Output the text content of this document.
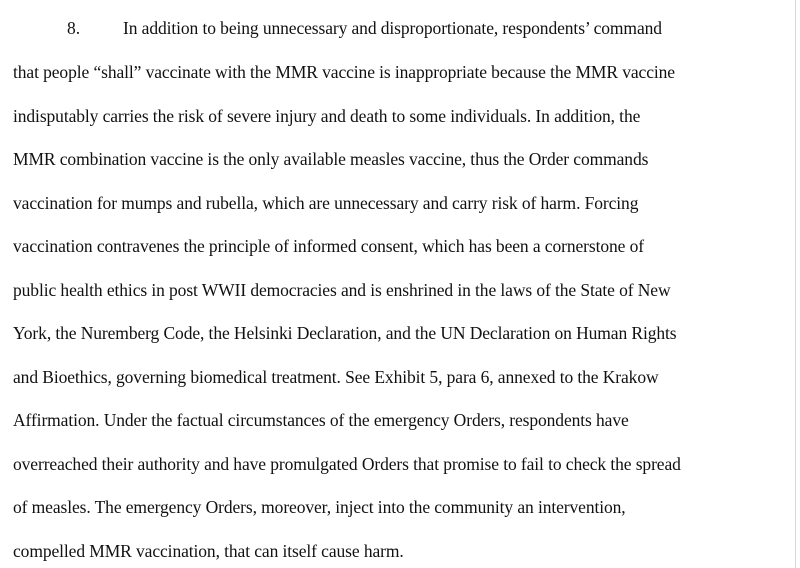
8. In addition to being unnecessary and disproportionate, respondents’ command
that people “shall” vaccinate with the MMR vaccine is inappropriate because the MMR vaccine
indisputably carries the risk of severe injury and death to some individuals. In addition, the
MMR combination vaccine is the only available measles vaccine, thus the Order commands
vaccination for mumps and rubella, which are unnecessary and carry risk of harm. Forcing
vaccination contravenes the principle of informed consent, which has been a cornerstone of
public health ethics in post WWII democracies and is enshrined in the laws of the State of New
York, the Nuremberg Code, the Helsinki Declaration, and the UN Declaration on Human Rights
and Bioethics, governing biomedical treatment. See Exhibit 5, para 6, annexed to the Krakow
Affirmation. Under the factual circumstances of the emergency Orders, respondents have
overreached their authority and have promulgated Orders that promise to fail to check the spread
of measles. The emergency Orders, moreover, inject into the community an intervention,
compelled MMR vaccination, that can itself cause harm.
